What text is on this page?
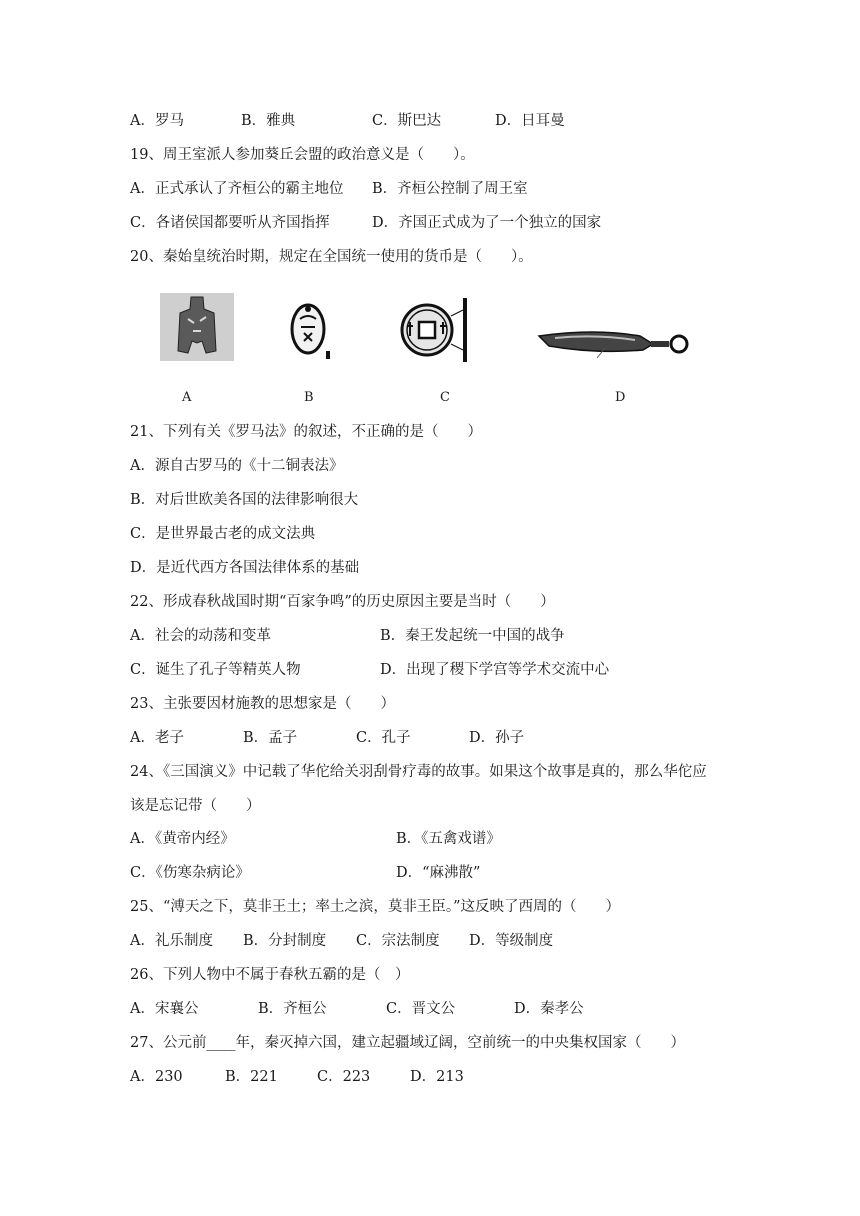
A．罗马	B．雅典	C．斯巴达	D．日耳曼
19、周王室派人参加葵丘会盟的政治意义是（　　）。
A．正式承认了齐桓公的霸主地位 B．齐桓公控制了周王室
C．各诸侯国都要听从齐国指挥	D．齐国正式成为了一个独立的国家
20、秦始皇统治时期，规定在全国统一使用的货币是（　　）。
A	B	C	D
21、下列有关《罗马法》的叙述，不正确的是（　　）
A．源自古罗马的《十二铜表法》
B．对后世欧美各国的法律影响很大
C．是世界最古老的成文法典
D．是近代西方各国法律体系的基础
22、形成春秋战国时期“百家争鸣”的历史原因主要是当时（　　）
A．社会的动荡和变革	B．秦王发起统一中国的战争
C．诞生了孔子等精英人物	D．出现了稷下学宫等学术交流中心
23、主张要因材施教的思想家是（　　）
A．老子	B．孟子	C．孔子	D．孙子
24、《三国演义》中记载了华佗给关羽刮骨疗毒的故事。如果这个故事是真的，那么华佗应
该是忘记带（　　）
A．《黄帝内经》	B．《五禽戏谱》
C．《伤寒杂病论》	D．“麻沸散”
25、“溥天之下，莫非王土；率土之滨，莫非王臣。”这反映了西周的（　　）
A．礼乐制度 B．分封制度 C．宗法制度 D．等级制度
26、下列人物中不属于春秋五霸的是（　）
A．宋襄公	B．齐桓公	C．晋文公	D．秦孝公
27、公元前____年，秦灭掉六国，建立起疆域辽阔，空前统一的中央集权国家（　　）
A．230	B．221	C．223	D．213
